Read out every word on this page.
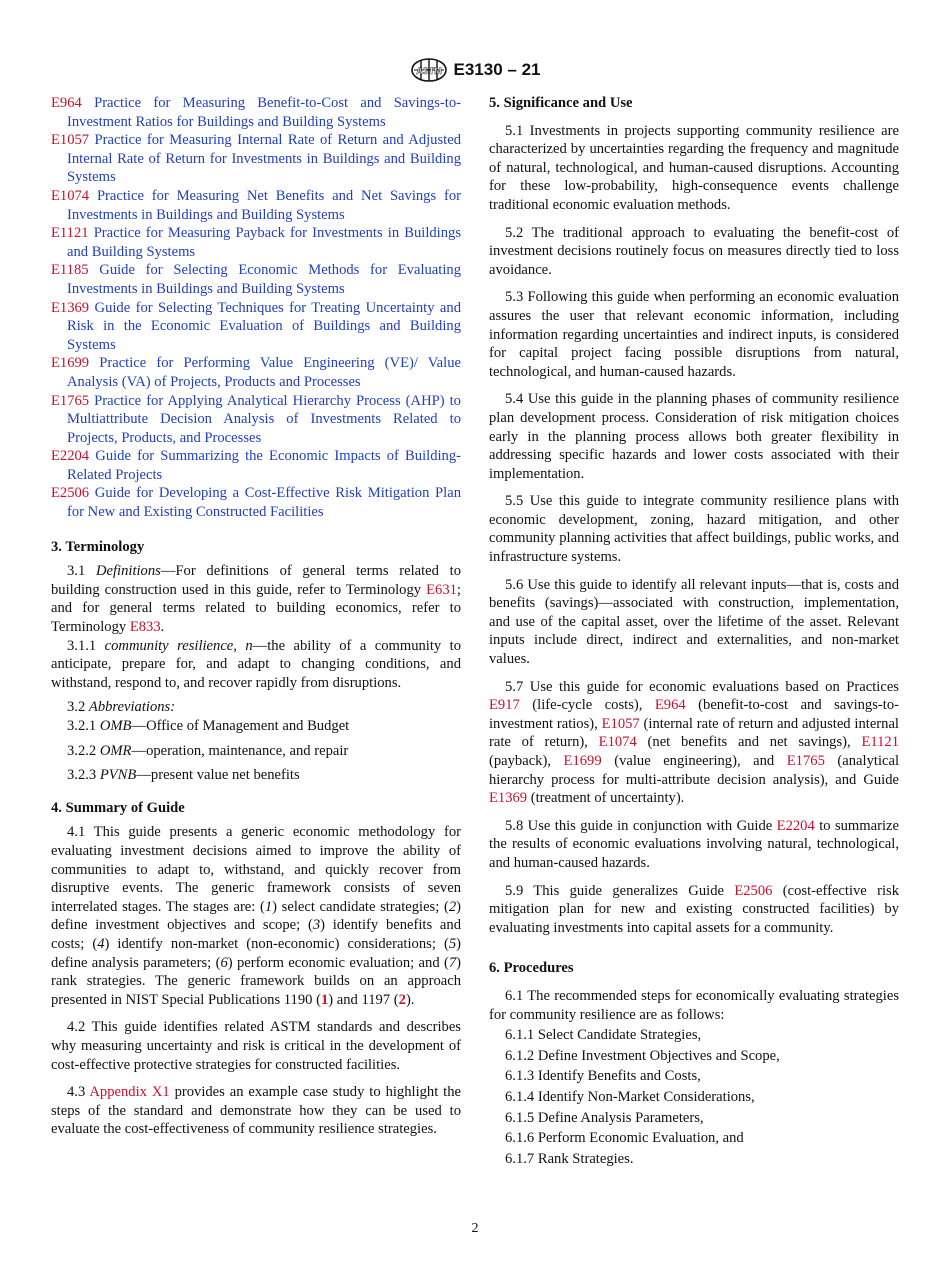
ASTM E3130 – 21

E964 Practice for Measuring Benefit-to-Cost and Savings-to-Investment Ratios for Buildings and Building Systems

E1057 Practice for Measuring Internal Rate of Return and Adjusted Internal Rate of Return for Investments in Buildings and Building Systems

E1074 Practice for Measuring Net Benefits and Net Savings for Investments in Buildings and Building Systems

E1121 Practice for Measuring Payback for Investments in Buildings and Building Systems

E1185 Guide for Selecting Economic Methods for Evaluating Investments in Buildings and Building Systems

E1369 Guide for Selecting Techniques for Treating Uncertainty and Risk in the Economic Evaluation of Buildings and Building Systems

E1699 Practice for Performing Value Engineering (VE)/ Value Analysis (VA) of Projects, Products and Processes

E1765 Practice for Applying Analytical Hierarchy Process (AHP) to Multiattribute Decision Analysis of Investments Related to Projects, Products, and Processes

E2204 Guide for Summarizing the Economic Impacts of Building-Related Projects

E2506 Guide for Developing a Cost-Effective Risk Mitigation Plan for New and Existing Constructed Facilities

3. Terminology

3.1 Definitions—For definitions of general terms related to building construction used in this guide, refer to Terminology E631; and for general terms related to building economics, refer to Terminology E833.

3.1.1 community resilience, n—the ability of a community to anticipate, prepare for, and adapt to changing conditions, and withstand, respond to, and recover rapidly from disruptions.

3.2 Abbreviations:

3.2.1 OMB—Office of Management and Budget

3.2.2 OMR—operation, maintenance, and repair

3.2.3 PVNB—present value net benefits

4. Summary of Guide

4.1 This guide presents a generic economic methodology for evaluating investment decisions aimed to improve the ability of communities to adapt to, withstand, and quickly recover from disruptive events. The generic framework consists of seven interrelated stages. The stages are: (1) select candidate strategies; (2) define investment objectives and scope; (3) identify benefits and costs; (4) identify non-market (non-economic) considerations; (5) define analysis parameters; (6) perform economic evaluation; and (7) rank strategies. The generic framework builds on an approach presented in NIST Special Publications 1190 (1) and 1197 (2).

4.2 This guide identifies related ASTM standards and describes why measuring uncertainty and risk is critical in the development of cost-effective protective strategies for constructed facilities.

4.3 Appendix X1 provides an example case study to highlight the steps of the standard and demonstrate how they can be used to evaluate the cost-effectiveness of community resilience strategies.

5. Significance and Use

5.1 Investments in projects supporting community resilience are characterized by uncertainties regarding the frequency and magnitude of natural, technological, and human-caused disruptions. Accounting for these low-probability, high-consequence events challenge traditional economic evaluation methods.

5.2 The traditional approach to evaluating the benefit-cost of investment decisions routinely focus on measures directly tied to loss avoidance.

5.3 Following this guide when performing an economic evaluation assures the user that relevant economic information, including information regarding uncertainties and indirect inputs, is considered for capital project facing possible disruptions from natural, technological, and human-caused hazards.

5.4 Use this guide in the planning phases of community resilience plan development process. Consideration of risk mitigation choices early in the planning process allows both greater flexibility in addressing specific hazards and lower costs associated with their implementation.

5.5 Use this guide to integrate community resilience plans with economic development, zoning, hazard mitigation, and other community planning activities that affect buildings, public works, and infrastructure systems.

5.6 Use this guide to identify all relevant inputs—that is, costs and benefits (savings)—associated with construction, implementation, and use of the capital asset, over the lifetime of the asset. Relevant inputs include direct, indirect and externalities, and non-market values.

5.7 Use this guide for economic evaluations based on Practices E917 (life-cycle costs), E964 (benefit-to-cost and savings-to-investment ratios), E1057 (internal rate of return and adjusted internal rate of return), E1074 (net benefits and net savings), E1121 (payback), E1699 (value engineering), and E1765 (analytical hierarchy process for multi-attribute decision analysis), and Guide E1369 (treatment of uncertainty).

5.8 Use this guide in conjunction with Guide E2204 to summarize the results of economic evaluations involving natural, technological, and human-caused hazards.

5.9 This guide generalizes Guide E2506 (cost-effective risk mitigation plan for new and existing constructed facilities) by evaluating investments into capital assets for a community.

6. Procedures

6.1 The recommended steps for economically evaluating strategies for community resilience are as follows:

6.1.1 Select Candidate Strategies,

6.1.2 Define Investment Objectives and Scope,

6.1.3 Identify Benefits and Costs,

6.1.4 Identify Non-Market Considerations,

6.1.5 Define Analysis Parameters,

6.1.6 Perform Economic Evaluation, and

6.1.7 Rank Strategies.

2
